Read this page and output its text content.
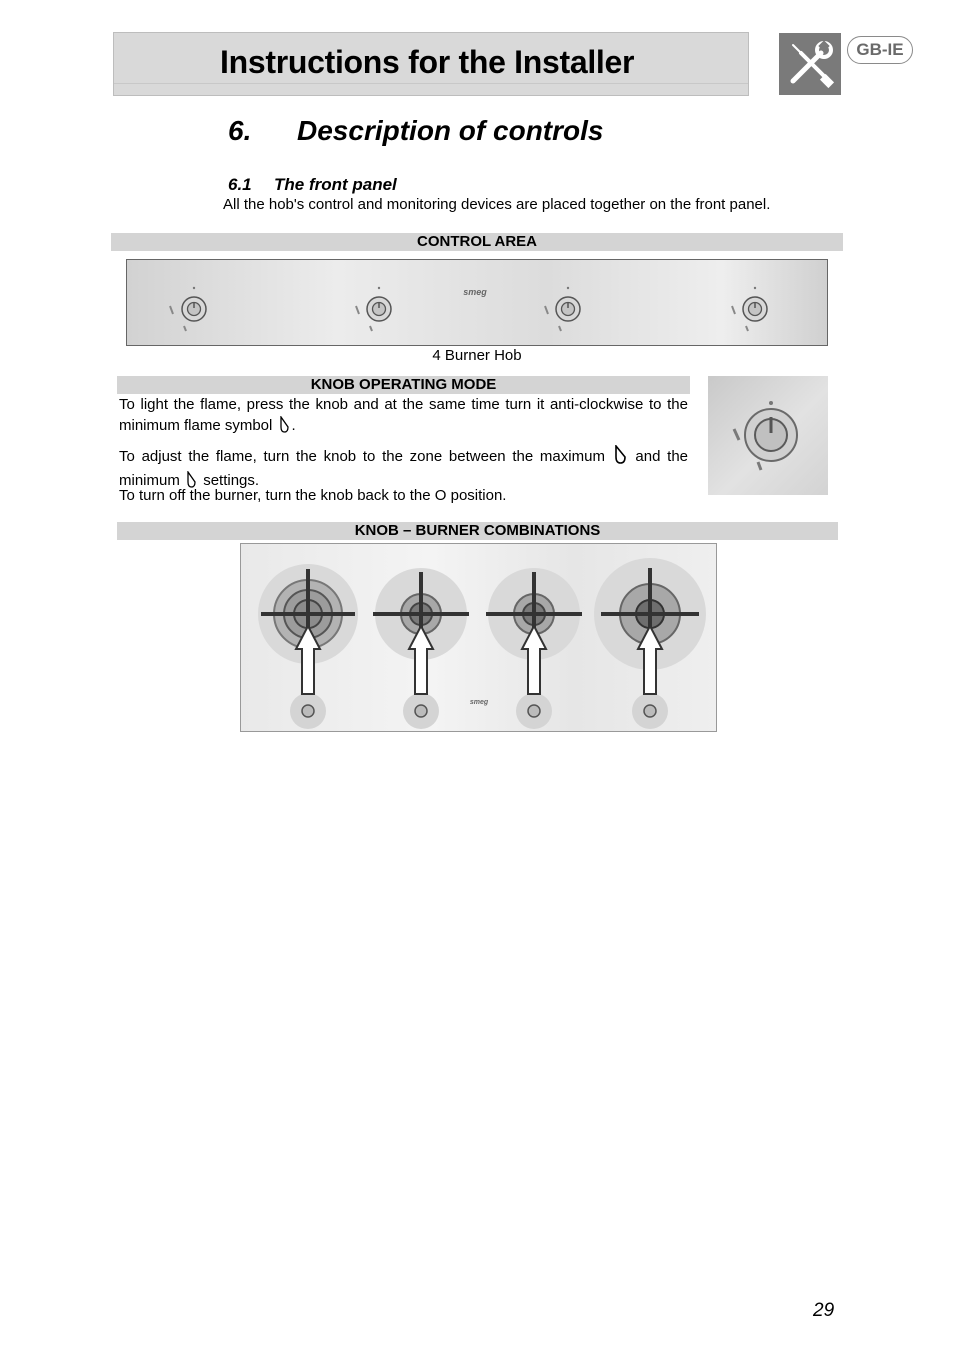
Instructions for the Installer	GB-IE
6. Description of controls
6.1 The front panel
All the hob's control and monitoring devices are placed together on the front panel.
CONTROL AREA
smeg
4 Burner Hob
KNOB OPERATING MODE
To light the flame, press the knob and at the same time turn it anti-clockwise to the minimum flame symbol .
To adjust the flame, turn the knob to the zone between the maximum and the minimum settings.
To turn off the burner, turn the knob back to the O position.
KNOB – BURNER COMBINATIONS
smeg
29
